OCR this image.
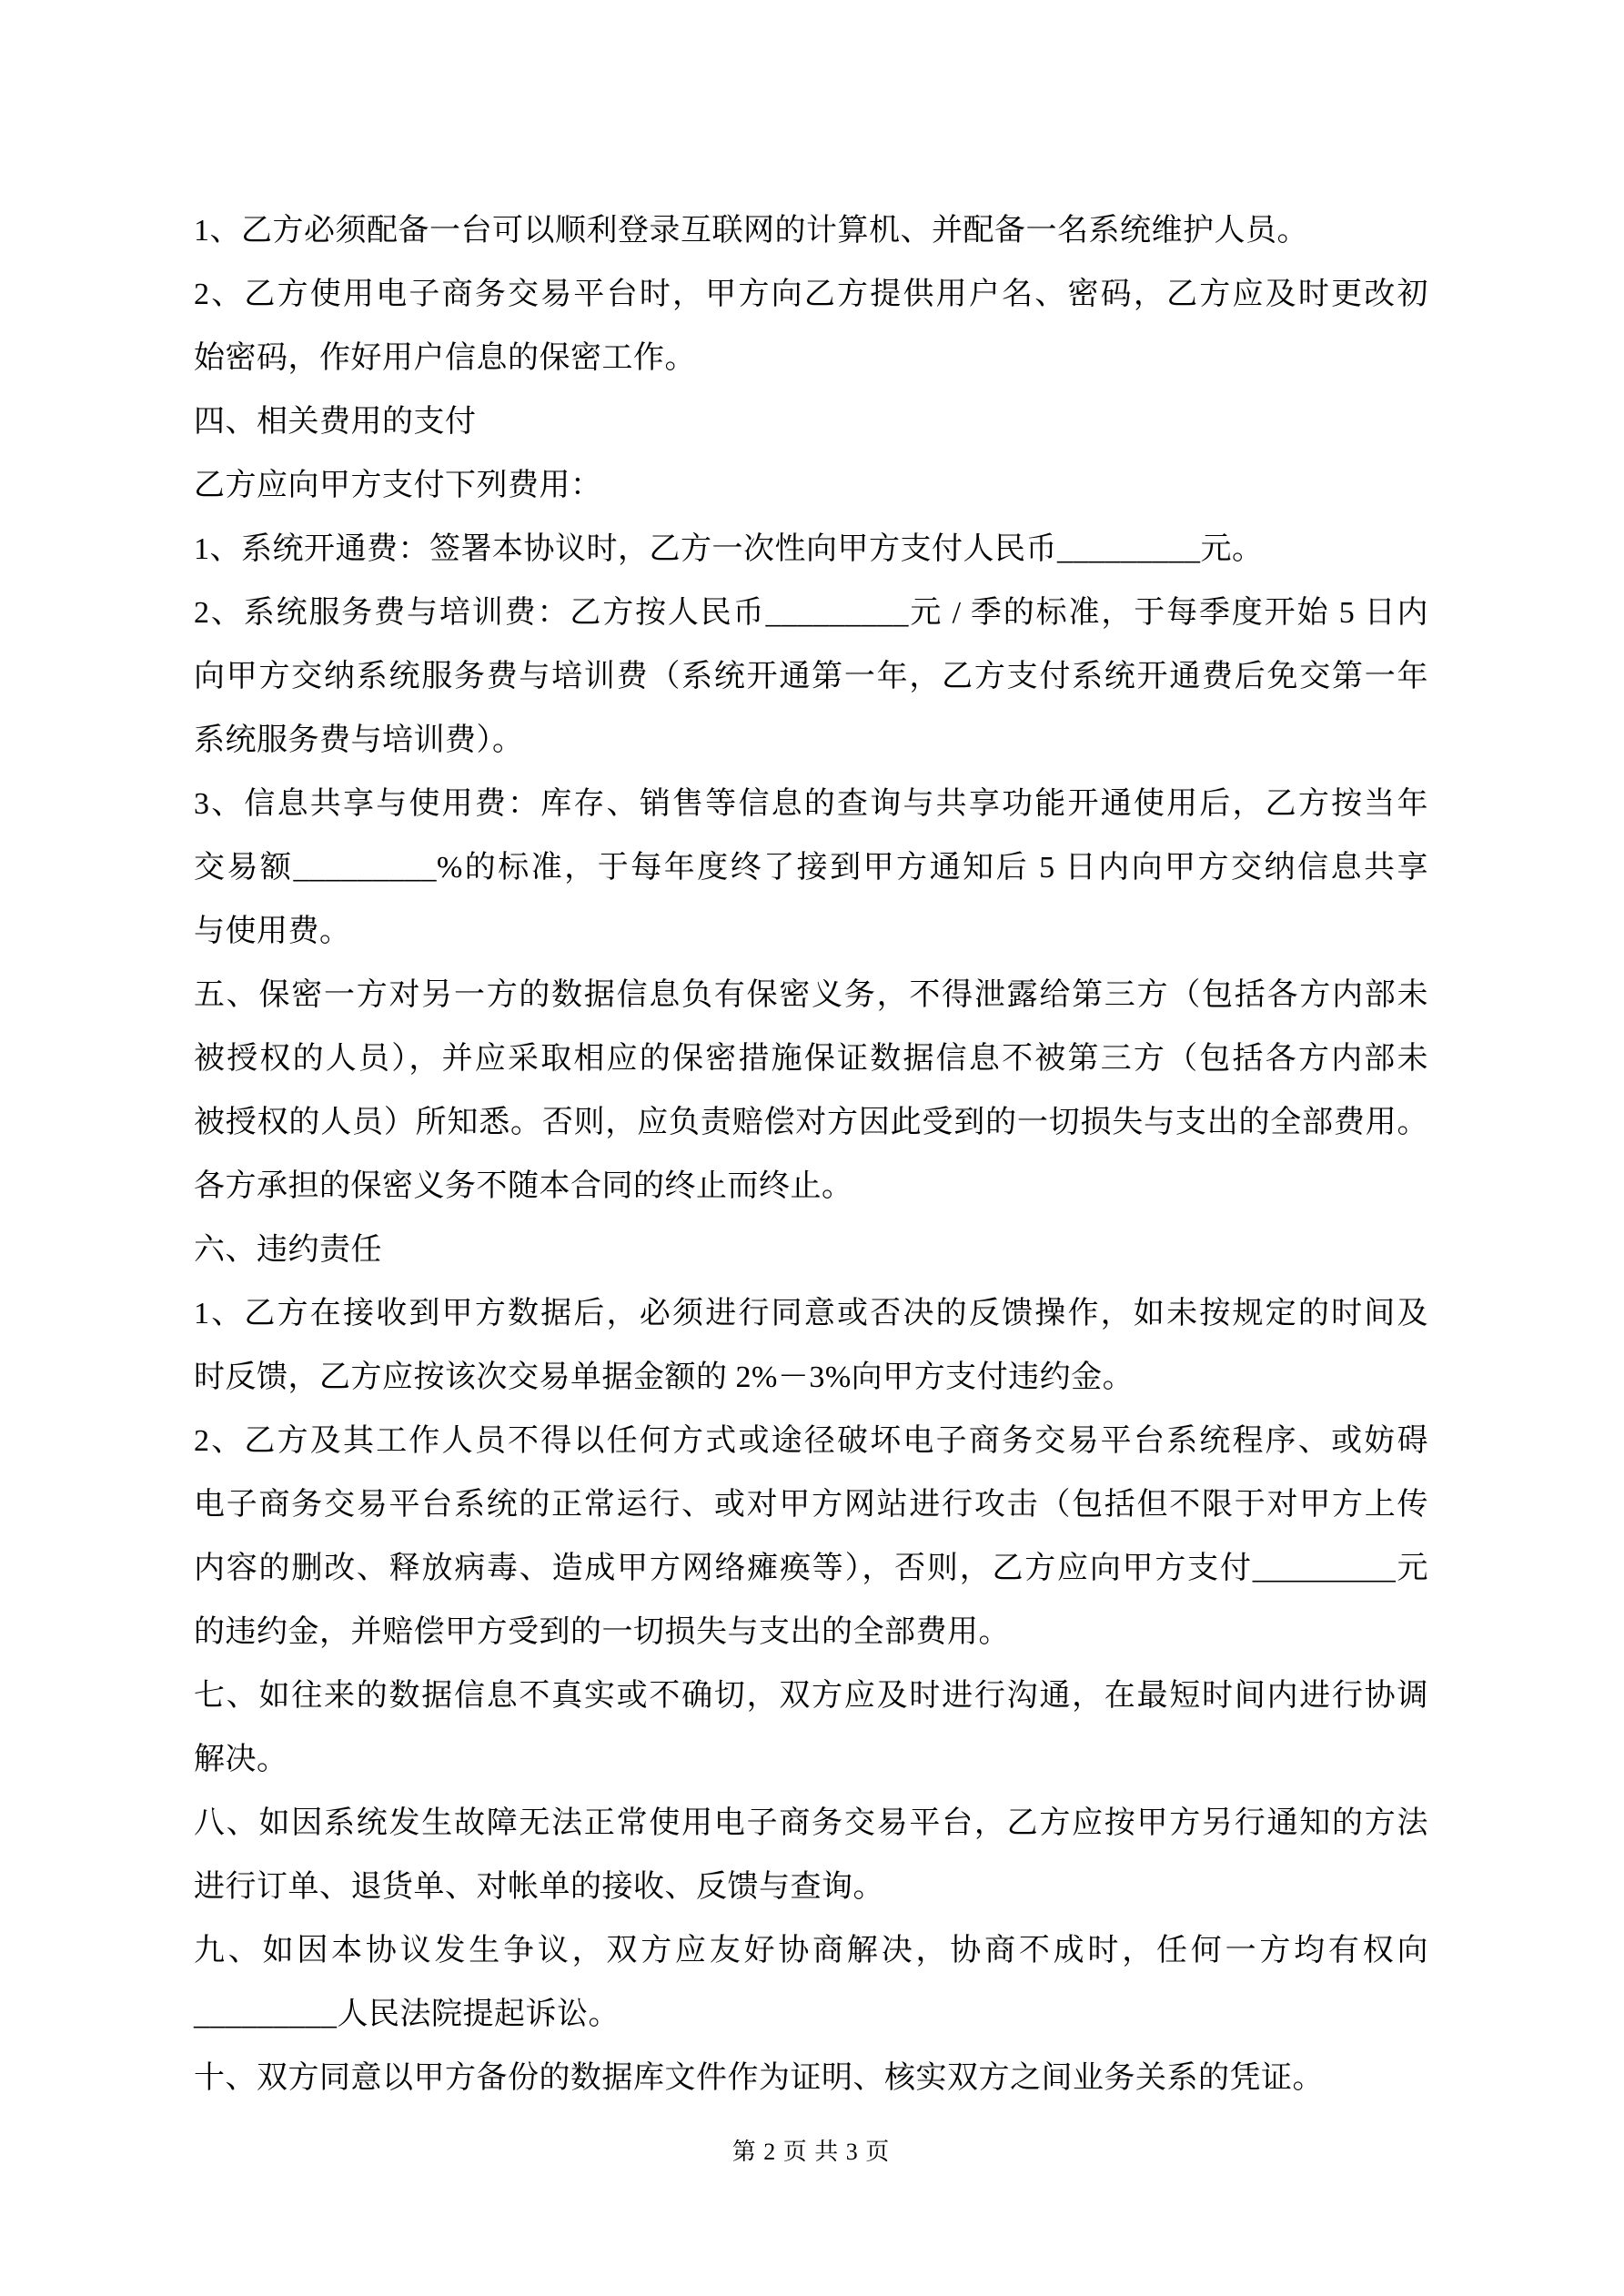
1、乙方必须配备一台可以顺利登录互联网的计算机、并配备一名系统维护人员。

2、乙方使用电子商务交易平台时，甲方向乙方提供用户名、密码，乙方应及时更改初
始密码，作好用户信息的保密工作。

四、相关费用的支付

乙方应向甲方支付下列费用：

1、系统开通费：签署本协议时，乙方一次性向甲方支付人民币_________元。

2、系统服务费与培训费：乙方按人民币_________元 / 季的标准，于每季度开始 5 日内
向甲方交纳系统服务费与培训费（系统开通第一年，乙方支付系统开通费后免交第一年
系统服务费与培训费）。

3、信息共享与使用费：库存、销售等信息的查询与共享功能开通使用后，乙方按当年
交易额_________%的标准，于每年度终了接到甲方通知后 5 日内向甲方交纳信息共享
与使用费。

五、保密一方对另一方的数据信息负有保密义务，不得泄露给第三方（包括各方内部未
被授权的人员），并应采取相应的保密措施保证数据信息不被第三方（包括各方内部未
被授权的人员）所知悉。否则，应负责赔偿对方因此受到的一切损失与支出的全部费用。
各方承担的保密义务不随本合同的终止而终止。

六、违约责任

1、乙方在接收到甲方数据后，必须进行同意或否决的反馈操作，如未按规定的时间及
时反馈，乙方应按该次交易单据金额的 2%－3%向甲方支付违约金。

2、乙方及其工作人员不得以任何方式或途径破坏电子商务交易平台系统程序、或妨碍
电子商务交易平台系统的正常运行、或对甲方网站进行攻击（包括但不限于对甲方上传
内容的删改、释放病毒、造成甲方网络瘫痪等），否则，乙方应向甲方支付_________元
的违约金，并赔偿甲方受到的一切损失与支出的全部费用。

七、如往来的数据信息不真实或不确切，双方应及时进行沟通，在最短时间内进行协调
解决。

八、如因系统发生故障无法正常使用电子商务交易平台，乙方应按甲方另行通知的方法
进行订单、退货单、对帐单的接收、反馈与查询。

九、如因本协议发生争议，双方应友好协商解决，协商不成时，任何一方均有权向
_________人民法院提起诉讼。

十、双方同意以甲方备份的数据库文件作为证明、核实双方之间业务关系的凭证。

第 2 页 共 3 页
